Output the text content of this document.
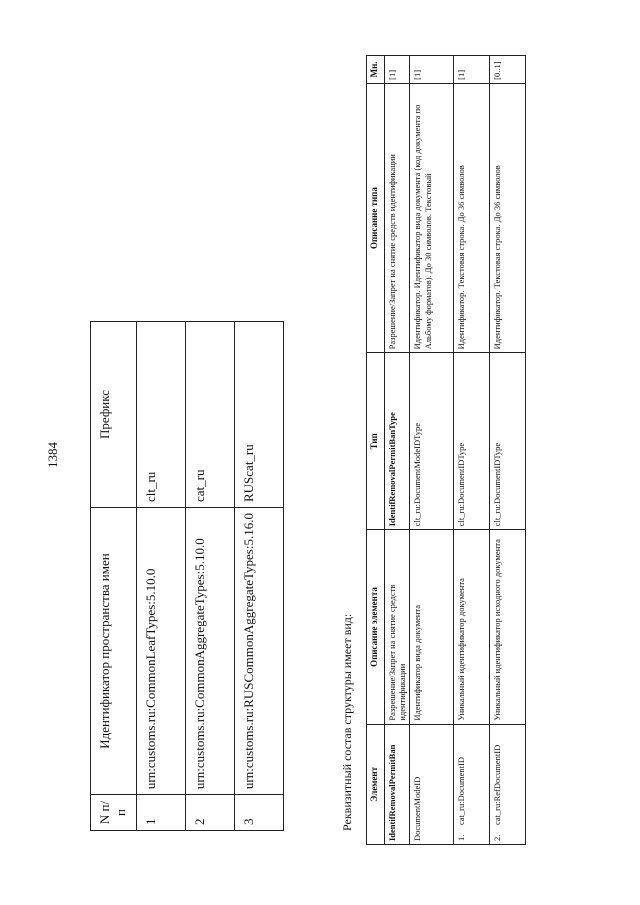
1384
N п/п	Идентификатор пространства имен	Префикс
1	urn:customs.ru:CommonLeafTypes:5.10.0	clt_ru
2	urn:customs.ru:CommonAggregateTypes:5.10.0	cat_ru
3	urn:customs.ru:RUSCommonAggregateTypes:5.16.0	RUScat_ru
Реквизитный состав структуры имеет вид: Элемент	Описание элемента	Тип	Описание типа	Мн.
IdentifRemovalPermitBan	Разрешение/Запрет на снятие средств идентификации	IdentifRemovalPermitBanType	Разрешение/Запрет на снятие средств идентификации	[1]
DocumentModeID	Идентификатор вида документа	clt_ru:DocumentModeIDType	Идентификатор. Идентификатор вида документа (код документа по Альбому форматов). До 30 символов. Текстовый	[1]
1.cat_ru:DocumentID	Уникальный идентификатор документа	clt_ru:DocumentIDType	Идентификатор. Текстовая строка. До 36 символов	[1]
2.cat_ru:RefDocumentID	Уникальный идентификатор исходного документа	clt_ru:DocumentIDType	Идентификатор. Текстовая строка. До 36 символов	[0..1]
